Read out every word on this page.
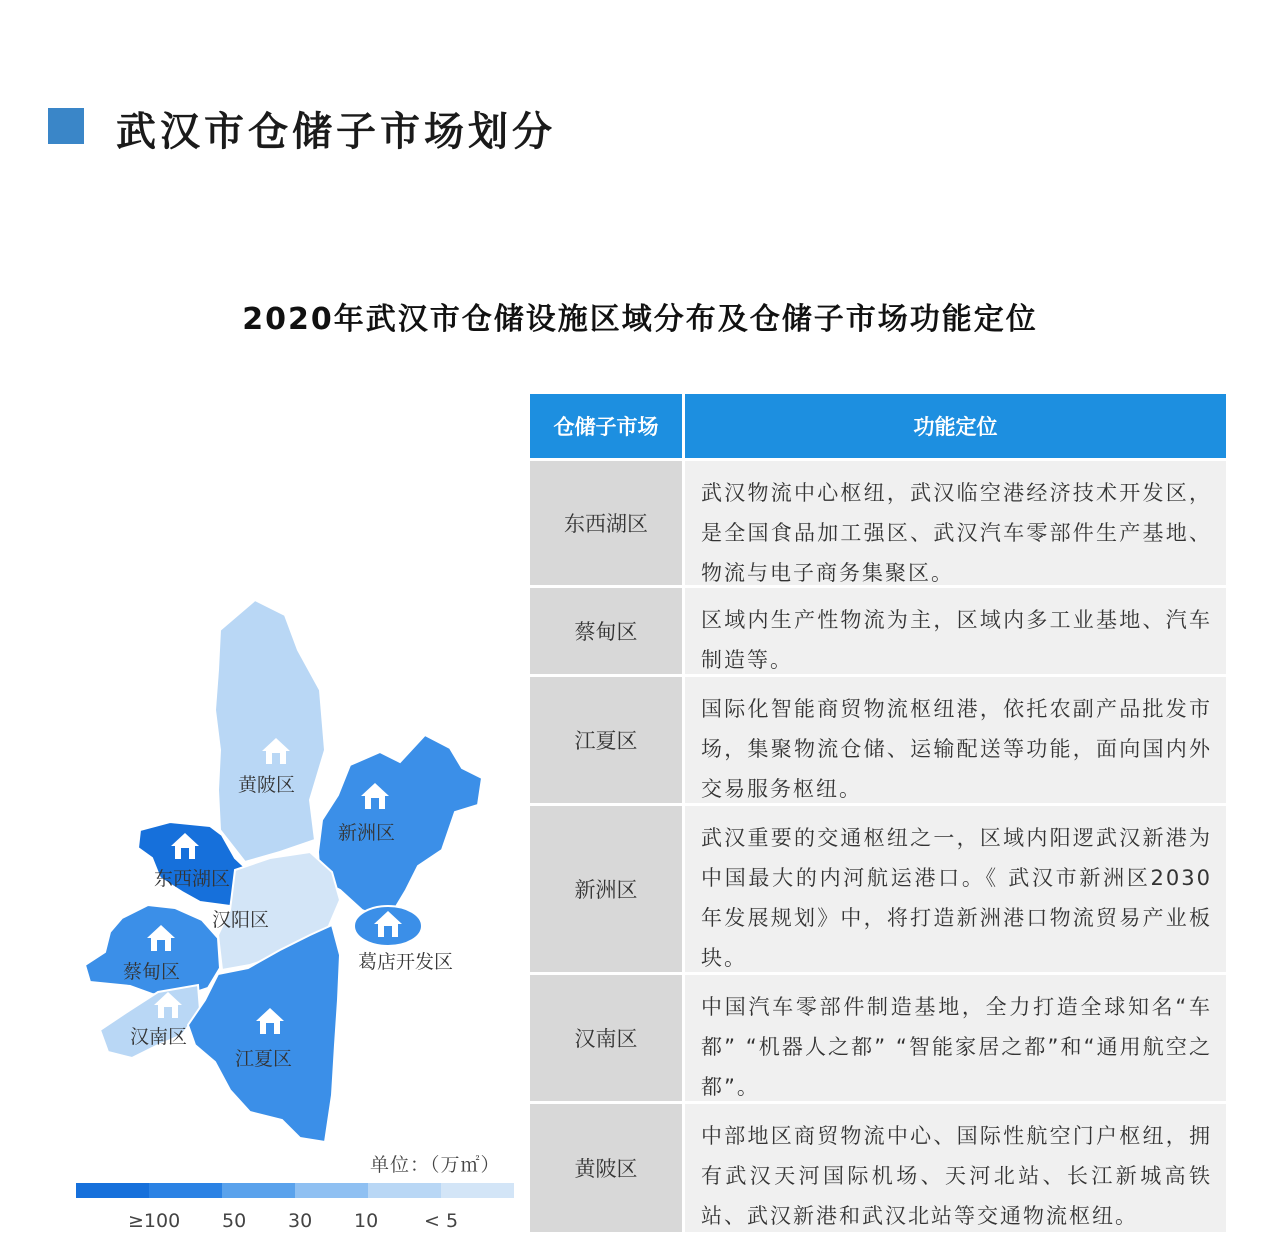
武汉市仓储子市场划分
2020年武汉市仓储设施区域分布及仓储子市场功能定位
黄陂区
新洲区
东西湖区
汉阳区
葛店开发区
蔡甸区
汉南区
江夏区
单位：（万㎡）
≥100 50 30 10 < 5
仓储子市场	功能定位
东西湖区
武汉物流中心枢纽，武汉临空港经济技术开发区，是全国食品加工强区、武汉汽车零部件生产基地、物流与电子商务集聚区。
蔡甸区	区域内生产性物流为主，区域内多工业基地、汽车制造等。
江夏区
国际化智能商贸物流枢纽港，依托农副产品批发市场，集聚物流仓储、运输配送等功能，面向国内外交易服务枢纽。
新洲区
武汉重要的交通枢纽之一，区域内阳逻武汉新港为中国最大的内河航运港口。《 武汉市新洲区2030年发展规划》中，将打造新洲港口物流贸易产业板块。
汉南区
中国汽车零部件制造基地，全力打造全球知名“车都” “机器人之都” “智能家居之都”和“通用航空之都”。
黄陂区
中部地区商贸物流中心、国际性航空门户枢纽，拥有武汉天河国际机场、天河北站、长江新城高铁站、武汉新港和武汉北站等交通物流枢纽。
